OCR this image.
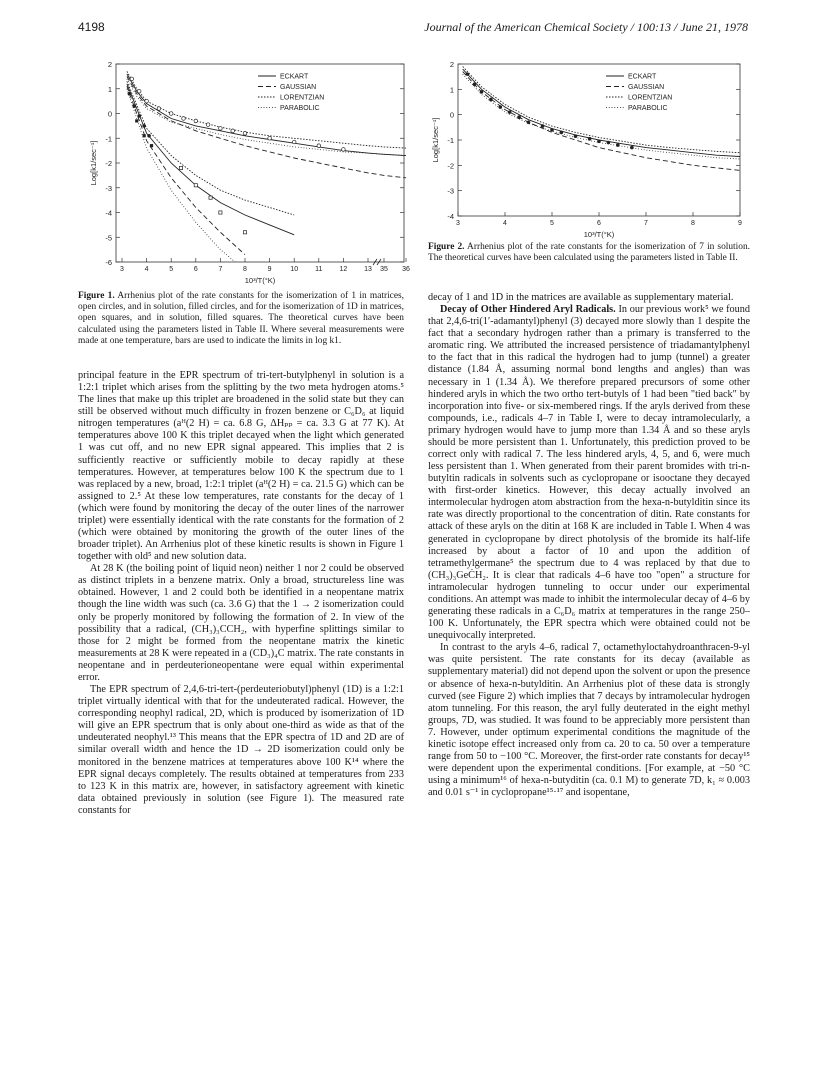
4198	Journal of the American Chemical Society / 100:13 / June 21, 1978
2
1
0
-1
-2
-3
-4
-5
-6
3	4	5	6	7	8	9	10 11 12 13 35 36
10³/T(°K)
Log[k1/sec⁻¹]
ECKART
GAUSSIAN
LORENTZIAN
PARABOLIC
Figure 1. Arrhenius plot of the rate constants for the isomerization of 1 in matrices, open circles, and in solution, filled circles, and for the isomerization of 1D in matrices, open squares, and in solution, filled squares. The theoretical curves have been calculated using the parameters listed in Table II. Where several measurements were made at one temperature, bars are used to indicate the limits in log k1.
2
1
0
-1
-2
-3
-4
3	4	5	6	7	8	9
10³/T(°K)
Log[k1/sec⁻¹]
ECKART
GAUSSIAN
LORENTZIAN
PARABOLIC
Figure 2. Arrhenius plot of the rate constants for the isomerization of 7 in solution. The theoretical curves have been calculated using the parameters listed in Table II.

principal feature in the EPR spectrum of tri-tert-butylphenyl in solution is a 1:2:1 triplet which arises from the splitting by the two meta hydrogen atoms.⁵ The lines that make up this triplet are broadened in the solid state but they can still be observed without much difficulty in frozen benzene or C₆D₆ at liquid nitrogen temperatures (aᴴ(2 H) = ca. 6.8 G, ΔHₚₚ = ca. 3.3 G at 77 K). At temperatures above 100 K this triplet decayed when the light which generated 1 was cut off, and no new EPR signal appeared. This implies that 2 is sufficiently reactive or sufficiently mobile to decay rapidly at these temperatures. However, at temperatures below 100 K the spectrum due to 1 was replaced by a new, broad, 1:2:1 triplet (aᴴ(2 H) = ca. 21.5 G) which can be assigned to 2.⁵ At these low temperatures, rate constants for the decay of 1 (which were found by monitoring the decay of the outer lines of the narrower triplet) were essentially identical with the rate constants for the formation of 2 (which were obtained by monitoring the growth of the outer lines of the broader triplet). An Arrhenius plot of these kinetic results is shown in Figure 1 together with old⁵ and new solution data.

At 28 K (the boiling point of liquid neon) neither 1 nor 2 could be observed as distinct triplets in a benzene matrix. Only a broad, structureless line was obtained. However, 1 and 2 could both be identified in a neopentane matrix though the line width was such (ca. 3.6 G) that the 1 → 2 isomerization could only be properly monitored by following the formation of 2. In view of the possibility that a radical, (CH₃)₃CCH₂, with hyperfine splittings similar to those for 2 might be formed from the neopentane matrix the kinetic measurements at 28 K were repeated in a (CD₃)₄C matrix. The rate constants in neopentane and in perdeuterioneopentane were equal within experimental error.

The EPR spectrum of 2,4,6-tri-tert-(perdeuteriobutyl)phenyl (1D) is a 1:2:1 triplet virtually identical with that for the undeuterated radical. However, the corresponding neophyl radical, 2D, which is produced by isomerization of 1D will give an EPR spectrum that is only about one-third as wide as that of the undeuterated neophyl.¹³ This means that the EPR spectra of 1D and 2D are of similar overall width and hence the 1D → 2D isomerization could only be monitored in the benzene matrices at temperatures above 100 K¹⁴ where the EPR signal decays completely. The results obtained at temperatures from 233 to 123 K in this matrix are, however, in satisfactory agreement with kinetic data obtained previously in solution (see Figure 1). The measured rate constants for

decay of 1 and 1D in the matrices are available as supplementary material.

Decay of Other Hindered Aryl Radicals. In our previous work⁵ we found that 2,4,6-tri(1′-adamantyl)phenyl (3) decayed more slowly than 1 despite the fact that a secondary hydrogen rather than a primary is transferred to the aromatic ring. We attributed the increased persistence of triadamantylphenyl to the fact that in this radical the hydrogen had to jump (tunnel) a greater distance (1.84 Å, assuming normal bond lengths and angles) than was necessary in 1 (1.34 Å). We therefore prepared precursors of some other hindered aryls in which the two ortho tert-butyls of 1 had been "tied back" by incorporation into five- or six-membered rings. If the aryls derived from these compounds, i.e., radicals 4–7 in Table I, were to decay intramolecularly, a primary hydrogen would have to jump more than 1.34 Å and so these aryls should be more persistent than 1. Unfortunately, this prediction proved to be correct only with radical 7. The less hindered aryls, 4, 5, and 6, were much less persistent than 1. When generated from their parent bromides with tri-n-butyltin radicals in solvents such as cyclopropane or isooctane they decayed with first-order kinetics. However, this decay actually involved an intermolecular hydrogen atom abstraction from the hexa-n-butylditin since its rate was directly proportional to the concentration of ditin. Rate constants for attack of these aryls on the ditin at 168 K are included in Table I. When 4 was generated in cyclopropane by direct photolysis of the bromide its half-life increased by about a factor of 10 and upon the addition of tetramethylgermane⁵ the spectrum due to 4 was replaced by that due to (CH₃)₃GeĊH₂. It is clear that radicals 4–6 have too "open" a structure for intramolecular hydrogen tunneling to occur under our experimental conditions. An attempt was made to inhibit the intermolecular decay of 4–6 by generating these radicals in a C₆D₆ matrix at temperatures in the range 250–100 K. Unfortunately, the EPR spectra which were obtained could not be unequivocally interpreted.

In contrast to the aryls 4–6, radical 7, octamethyloctahydroanthracen-9-yl was quite persistent. The rate constants for its decay (available as supplementary material) did not depend upon the solvent or upon the presence or absence of hexa-n-butylditin. An Arrhenius plot of these data is strongly curved (see Figure 2) which implies that 7 decays by intramolecular hydrogen atom tunneling. For this reason, the aryl fully deuterated in the eight methyl groups, 7D, was studied. It was found to be appreciably more persistent than 7. However, under optimum experimental conditions the magnitude of the kinetic isotope effect increased only from ca. 20 to ca. 50 over a temperature range from 50 to −100 °C. Moreover, the first-order rate constants for decay¹⁵ were dependent upon the experimental conditions. [For example, at −50 °C using a minimum¹⁶ of hexa-n-butyditin (ca. 0.1 M) to generate 7D, k₁ ≈ 0.003 and 0.01 s⁻¹ in cyclopropane¹⁵·¹⁷ and isopentane,
